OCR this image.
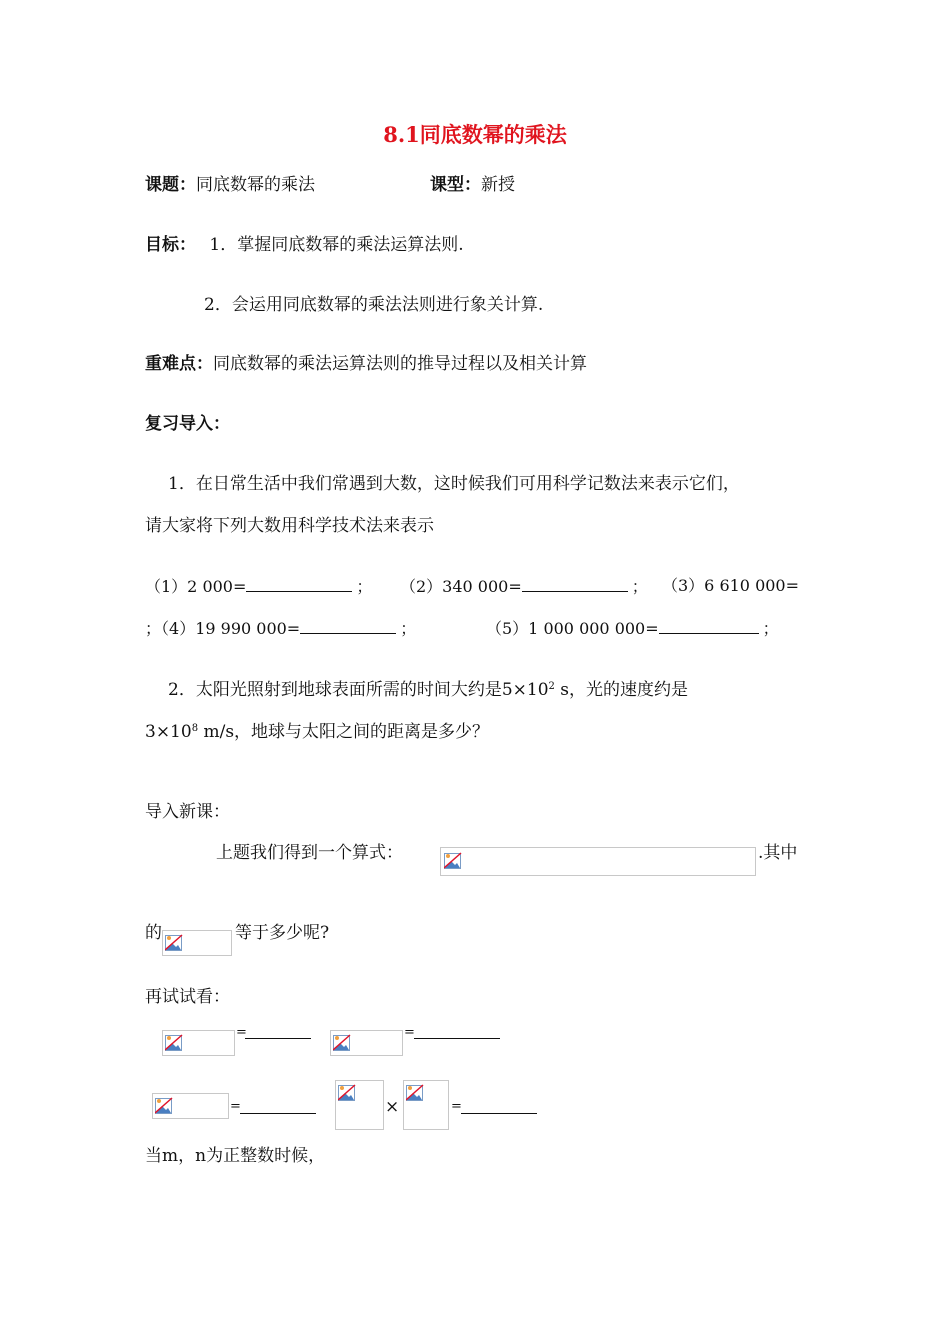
8.1同底数幂的乘法
课题：同底数幂的乘法	课型：新授
目标： 1．掌握同底数幂的乘法运算法则.
2．会运用同底数幂的乘法法则进行象关计算.
重难点：同底数幂的乘法运算法则的推导过程以及相关计算
复习导入：
1．在日常生活中我们常遇到大数，这时候我们可用科学记数法来表示它们，
请大家将下列大数用科学技术法来表示
（1）2 000=	； （2）340 000=	； （3）6 610 000=
；（4）19 990 000=	；	（5）1 000 000 000=	；
2．太阳光照射到地球表面所需的时间大约是$5\times 10^2$ s，光的速度约是
$3\times 10^8$ m/s，地球与太阳之间的距离是多少？
导入新课：
上题我们得到一个算式：	.其中
的	等于多少呢?
再试试看：
=	=
=	×	=
当m，n为正整数时候，
